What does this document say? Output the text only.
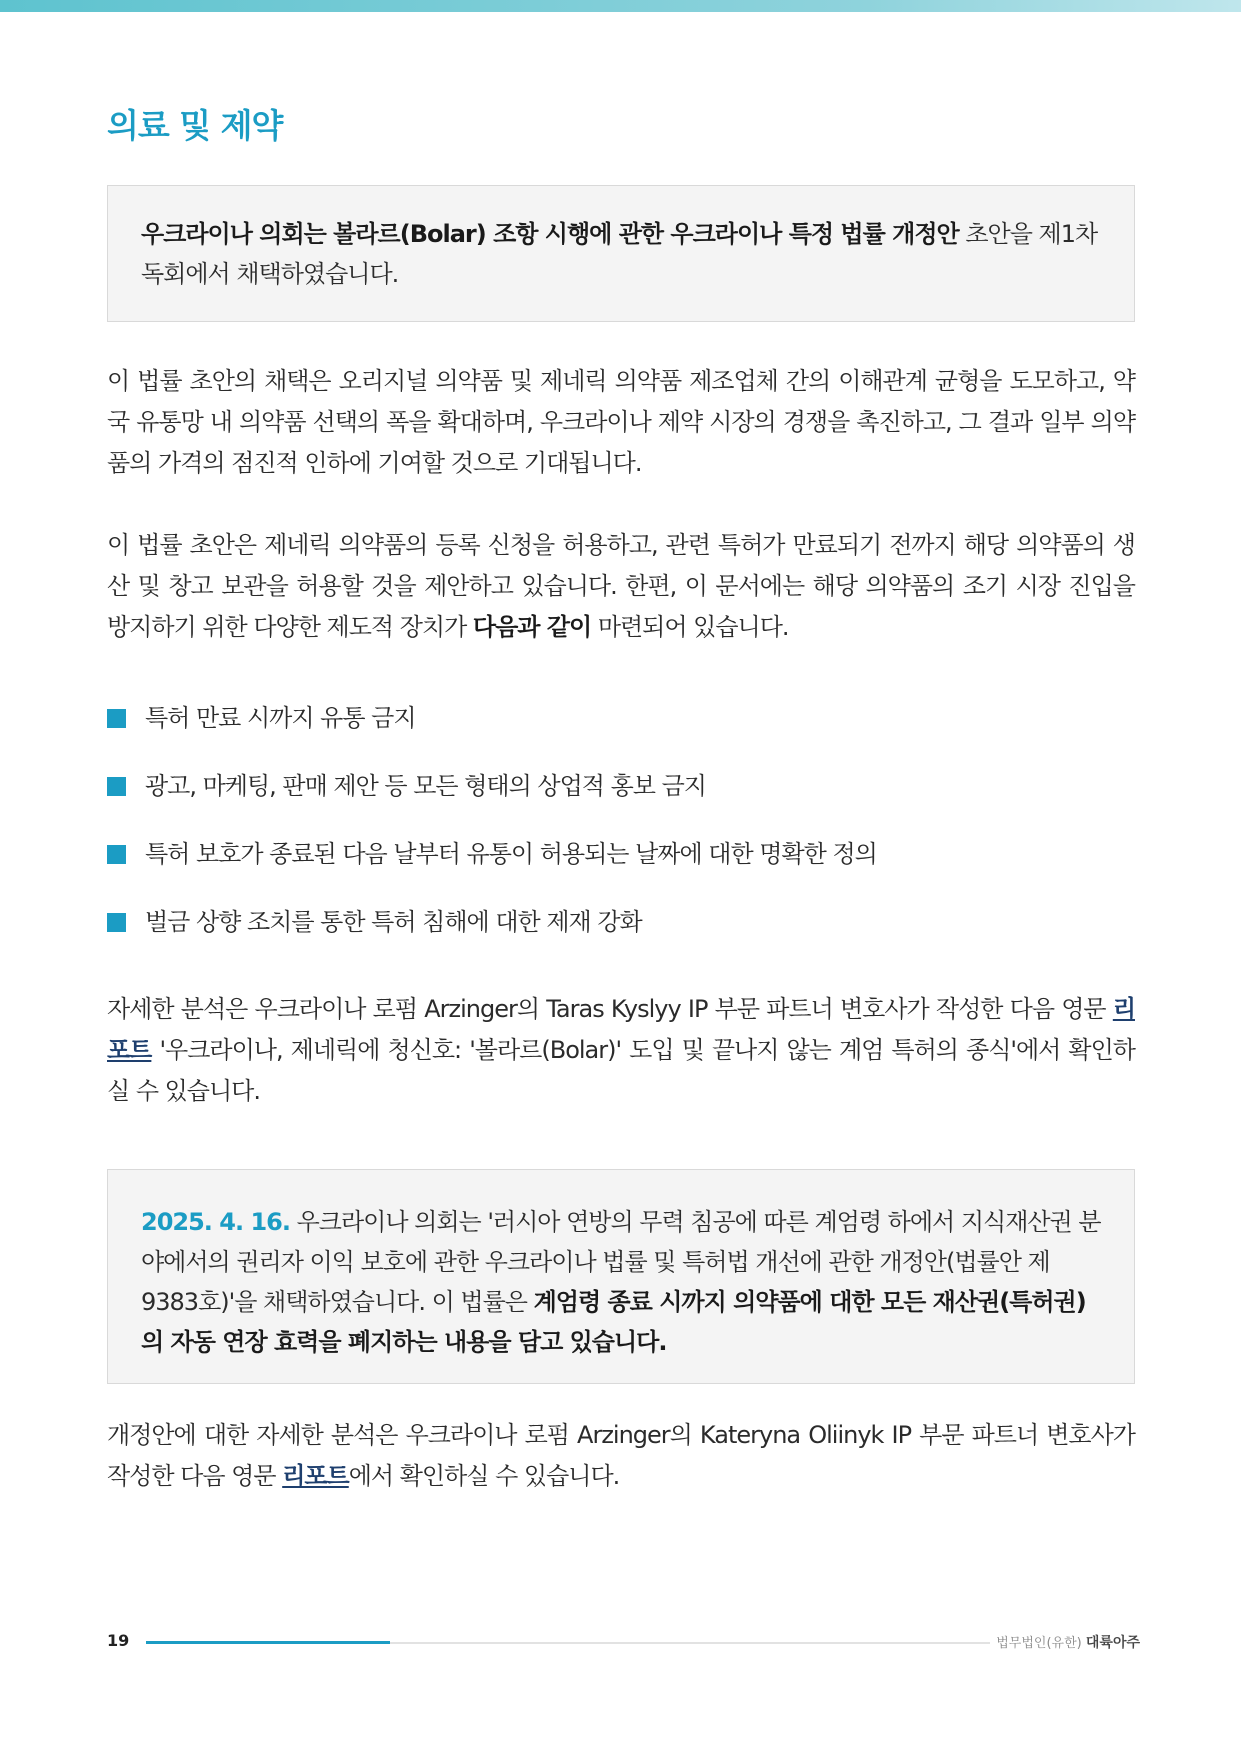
의료 및 제약

우크라이나 의회는 볼라르(Bolar) 조항 시행에 관한 우크라이나 특정 법률 개정안 초안을 제1차 독회에서 채택하였습니다.

이 법률 초안의 채택은 오리지널 의약품 및 제네릭 의약품 제조업체 간의 이해관계 균형을 도모하고, 약국 유통망 내 의약품 선택의 폭을 확대하며, 우크라이나 제약 시장의 경쟁을 촉진하고, 그 결과 일부 의약품의 가격의 점진적 인하에 기여할 것으로 기대됩니다.

이 법률 초안은 제네릭 의약품의 등록 신청을 허용하고, 관련 특허가 만료되기 전까지 해당 의약품의 생산 및 창고 보관을 허용할 것을 제안하고 있습니다. 한편, 이 문서에는 해당 의약품의 조기 시장 진입을 방지하기 위한 다양한 제도적 장치가 다음과 같이 마련되어 있습니다.

특허 만료 시까지 유통 금지
광고, 마케팅, 판매 제안 등 모든 형태의 상업적 홍보 금지
특허 보호가 종료된 다음 날부터 유통이 허용되는 날짜에 대한 명확한 정의
벌금 상향 조치를 통한 특허 침해에 대한 제재 강화

자세한 분석은 우크라이나 로펌 Arzinger의 Taras Kyslyy IP 부문 파트너 변호사가 작성한 다음 영문 리포트 '우크라이나, 제네릭에 청신호: '볼라르(Bolar)' 도입 및 끝나지 않는 계엄 특허의 종식'에서 확인하실 수 있습니다.

2025. 4. 16. 우크라이나 의회는 '러시아 연방의 무력 침공에 따른 계엄령 하에서 지식재산권 분야에서의 권리자 이익 보호에 관한 우크라이나 법률 및 특허법 개선에 관한 개정안(법률안 제9383호)'을 채택하였습니다. 이 법률은 계엄령 종료 시까지 의약품에 대한 모든 재산권(특허권)의 자동 연장 효력을 폐지하는 내용을 담고 있습니다.

개정안에 대한 자세한 분석은 우크라이나 로펌 Arzinger의 Kateryna Oliinyk IP 부문 파트너 변호사가 작성한 다음 영문 리포트에서 확인하실 수 있습니다.

19	법무법인(유한) 대륙아주
